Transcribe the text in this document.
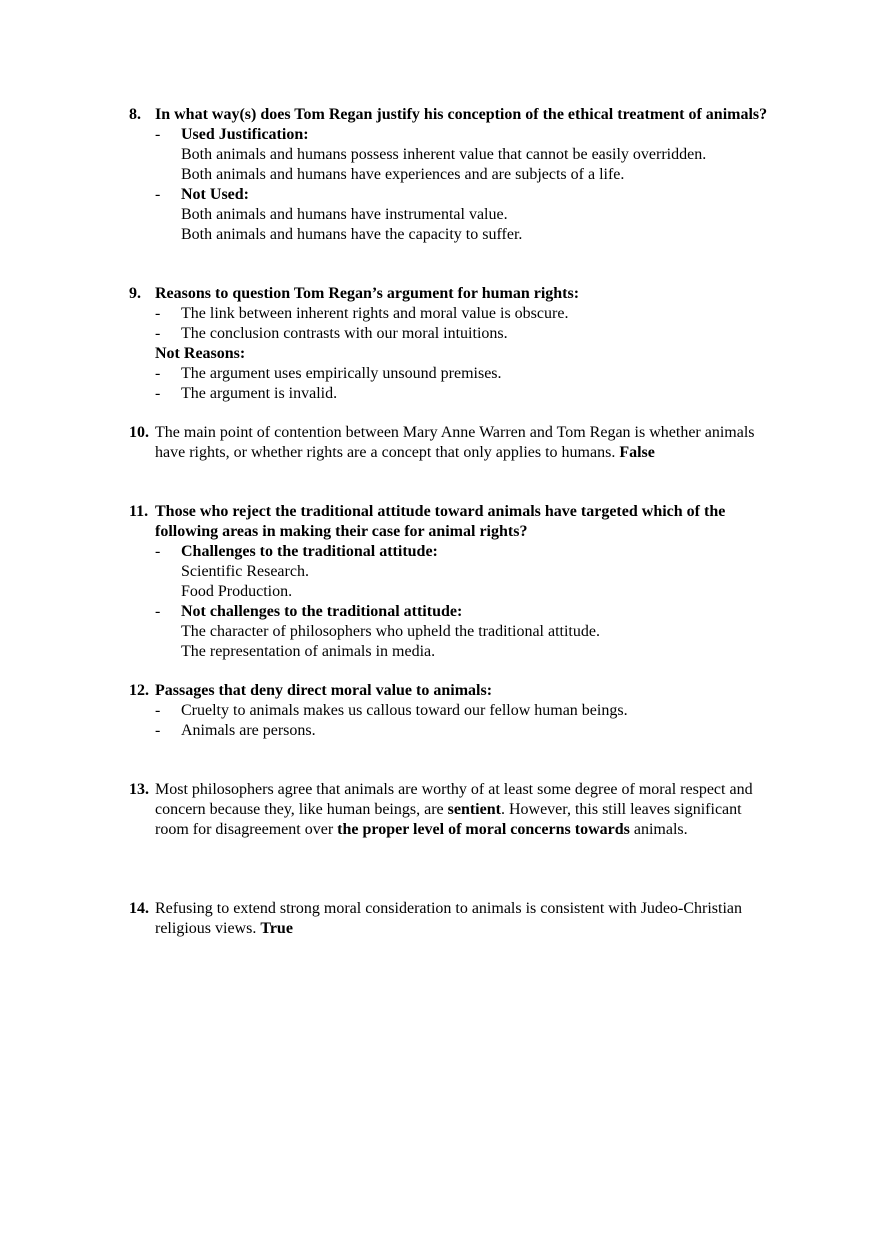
8. In what way(s) does Tom Regan justify his conception of the ethical treatment of animals?
- Used Justification:
Both animals and humans possess inherent value that cannot be easily overridden.
Both animals and humans have experiences and are subjects of a life.
- Not Used:
Both animals and humans have instrumental value.
Both animals and humans have the capacity to suffer.
9. Reasons to question Tom Regan’s argument for human rights:
- The link between inherent rights and moral value is obscure.
- The conclusion contrasts with our moral intuitions.
Not Reasons:
- The argument uses empirically unsound premises.
- The argument is invalid.
10. The main point of contention between Mary Anne Warren and Tom Regan is whether animals have rights, or whether rights are a concept that only applies to humans. False
11. Those who reject the traditional attitude toward animals have targeted which of the following areas in making their case for animal rights?
- Challenges to the traditional attitude:
Scientific Research.
Food Production.
- Not challenges to the traditional attitude:
The character of philosophers who upheld the traditional attitude.
The representation of animals in media.
12. Passages that deny direct moral value to animals:
- Cruelty to animals makes us callous toward our fellow human beings.
- Animals are persons.
13. Most philosophers agree that animals are worthy of at least some degree of moral respect and concern because they, like human beings, are sentient. However, this still leaves significant room for disagreement over the proper level of moral concerns towards animals.
14. Refusing to extend strong moral consideration to animals is consistent with Judeo-Christian religious views. True
